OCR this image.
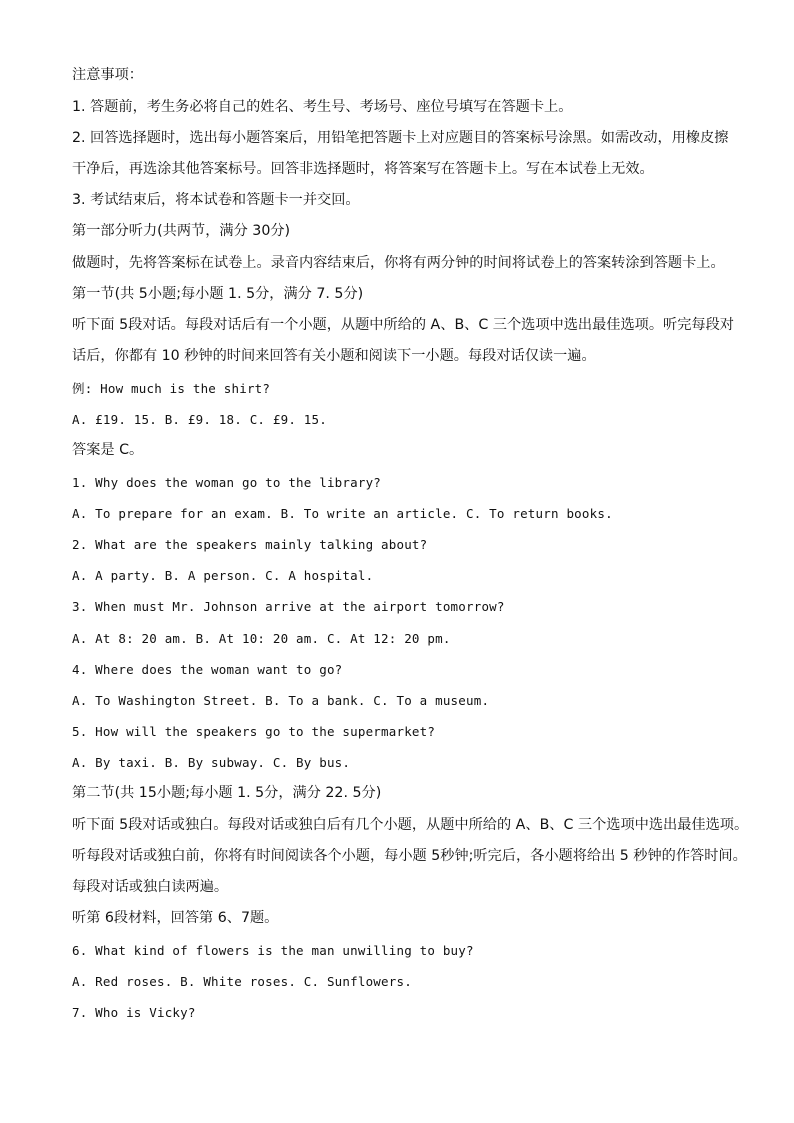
注意事项：
1. 答题前，考生务必将自己的姓名、考生号、考场号、座位号填写在答题卡上。
2. 回答选择题时，选出每小题答案后，用铅笔把答题卡上对应题目的答案标号涂黑。如需改动，用橡皮擦
干净后，再选涂其他答案标号。回答非选择题时，将答案写在答题卡上。写在本试卷上无效。
3. 考试结束后，将本试卷和答题卡一并交回。
第一部分听力(共两节，满分 30分)
做题时，先将答案标在试卷上。录音内容结束后，你将有两分钟的时间将试卷上的答案转涂到答题卡上。
第一节(共 5小题;每小题 1. 5分，满分 7. 5分)
听下面 5段对话。每段对话后有一个小题，从题中所给的 A、B、C 三个选项中选出最佳选项。听完每段对
话后，你都有 10 秒钟的时间来回答有关小题和阅读下一小题。每段对话仅读一遍。
例: How much is the shirt?
A. £19. 15. B. £9. 18. C. £9. 15.
答案是 C。
1. Why does the woman go to the library?
A. To prepare for an exam. B. To write an article. C. To return books.
2. What are the speakers mainly talking about?
A. A party. B. A person. C. A hospital.
3. When must Mr. Johnson arrive at the airport tomorrow?
A. At 8: 20 am. B. At 10: 20 am. C. At 12: 20 pm.
4. Where does the woman want to go?
A. To Washington Street. B. To a bank. C. To a museum.
5. How will the speakers go to the supermarket?
A. By taxi. B. By subway. C. By bus.
第二节(共 15小题;每小题 1. 5分，满分 22. 5分)
听下面 5段对话或独白。每段对话或独白后有几个小题，从题中所给的 A、B、C 三个选项中选出最佳选项。
听每段对话或独白前，你将有时间阅读各个小题，每小题 5秒钟;听完后，各小题将给出 5 秒钟的作答时间。
每段对话或独白读两遍。
听第 6段材料，回答第 6、7题。
6. What kind of flowers is the man unwilling to buy?
A. Red roses. B. White roses. C. Sunflowers.
7. Who is Vicky?
